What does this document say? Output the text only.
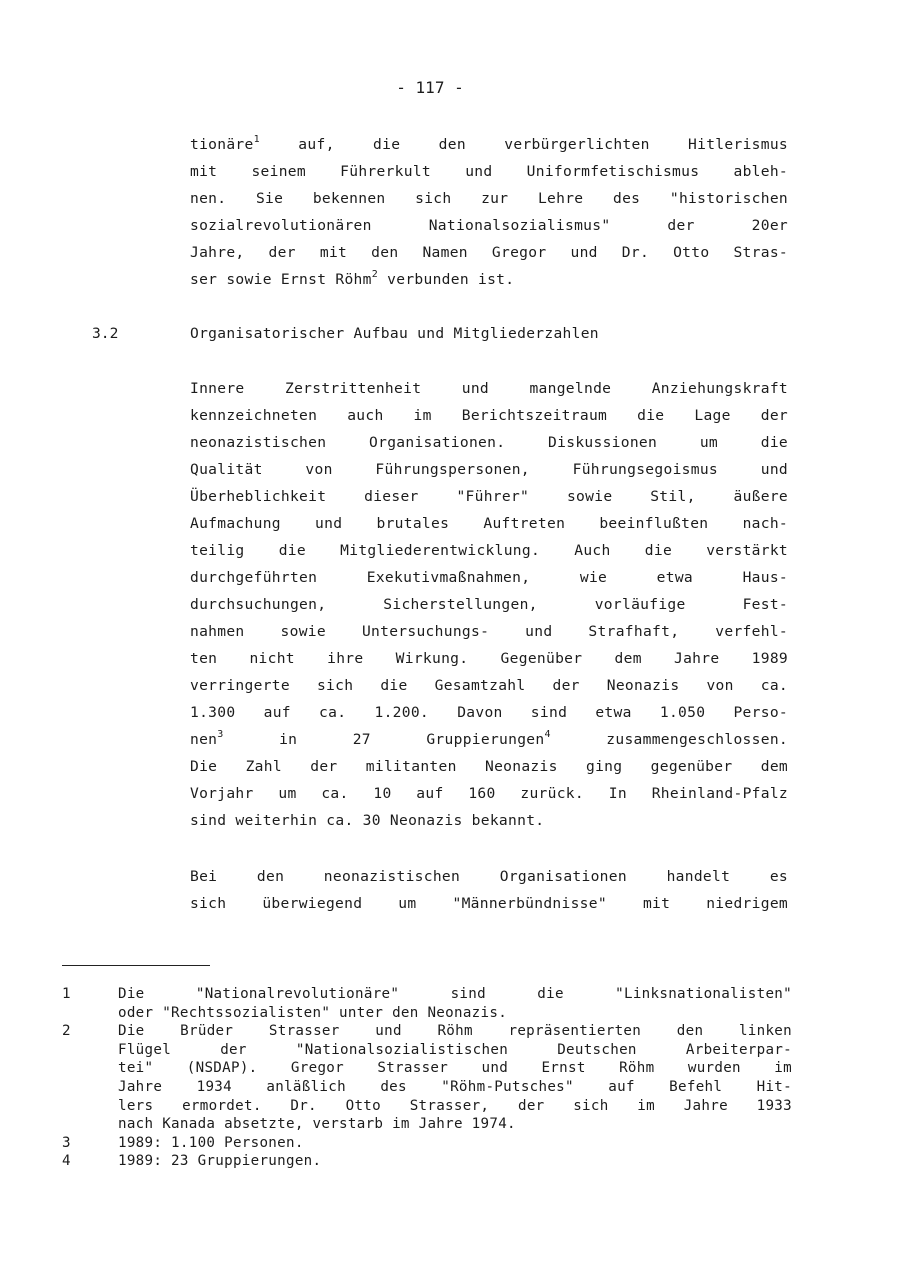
- 117 -
tionäre$^1$ auf, die den verbürgerlichten Hitlerismus
mit seinem Führerkult und Uniformfetischismus ableh-
nen. Sie bekennen sich zur Lehre des "historischen
sozialrevolutionären Nationalsozialismus" der 20er
Jahre, der mit den Namen Gregor und Dr. Otto Stras-
ser sowie Ernst Röhm$^2$ verbunden ist.
3.2	Organisatorischer Aufbau und Mitgliederzahlen
Innere Zerstrittenheit und mangelnde Anziehungskraft
kennzeichneten auch im Berichtszeitraum die Lage der
neonazistischen Organisationen. Diskussionen um die
Qualität von Führungspersonen, Führungsegoismus und
Überheblichkeit dieser "Führer" sowie Stil, äußere
Aufmachung und brutales Auftreten beeinflußten nach-
teilig die Mitgliederentwicklung. Auch die verstärkt
durchgeführten Exekutivmaßnahmen, wie etwa Haus-
durchsuchungen, Sicherstellungen, vorläufige Fest-
nahmen sowie Untersuchungs- und Strafhaft, verfehl-
ten nicht ihre Wirkung. Gegenüber dem Jahre 1989
verringerte sich die Gesamtzahl der Neonazis von ca.
1.300 auf ca. 1.200. Davon sind etwa 1.050 Perso-
nen$^3$ in 27 Gruppierungen$^4$ zusammengeschlossen.
Die Zahl der militanten Neonazis ging gegenüber dem
Vorjahr um ca. 10 auf 160 zurück. In Rheinland-Pfalz
sind weiterhin ca. 30 Neonazis bekannt.
Bei den neonazistischen Organisationen handelt es
sich überwiegend um "Männerbündnisse" mit niedrigem
1	Die "Nationalrevolutionäre" sind die "Linksnationalisten"
oder "Rechtssozialisten" unter den Neonazis.
2	Die Brüder Strasser und Röhm repräsentierten den linken
Flügel der "Nationalsozialistischen Deutschen Arbeiterpar-
tei" (NSDAP). Gregor Strasser und Ernst Röhm wurden im
Jahre 1934 anläßlich des "Röhm-Putsches" auf Befehl Hit-
lers ermordet. Dr. Otto Strasser, der sich im Jahre 1933
nach Kanada absetzte, verstarb im Jahre 1974.
3	1989: 1.100 Personen.
4	1989: 23 Gruppierungen.
